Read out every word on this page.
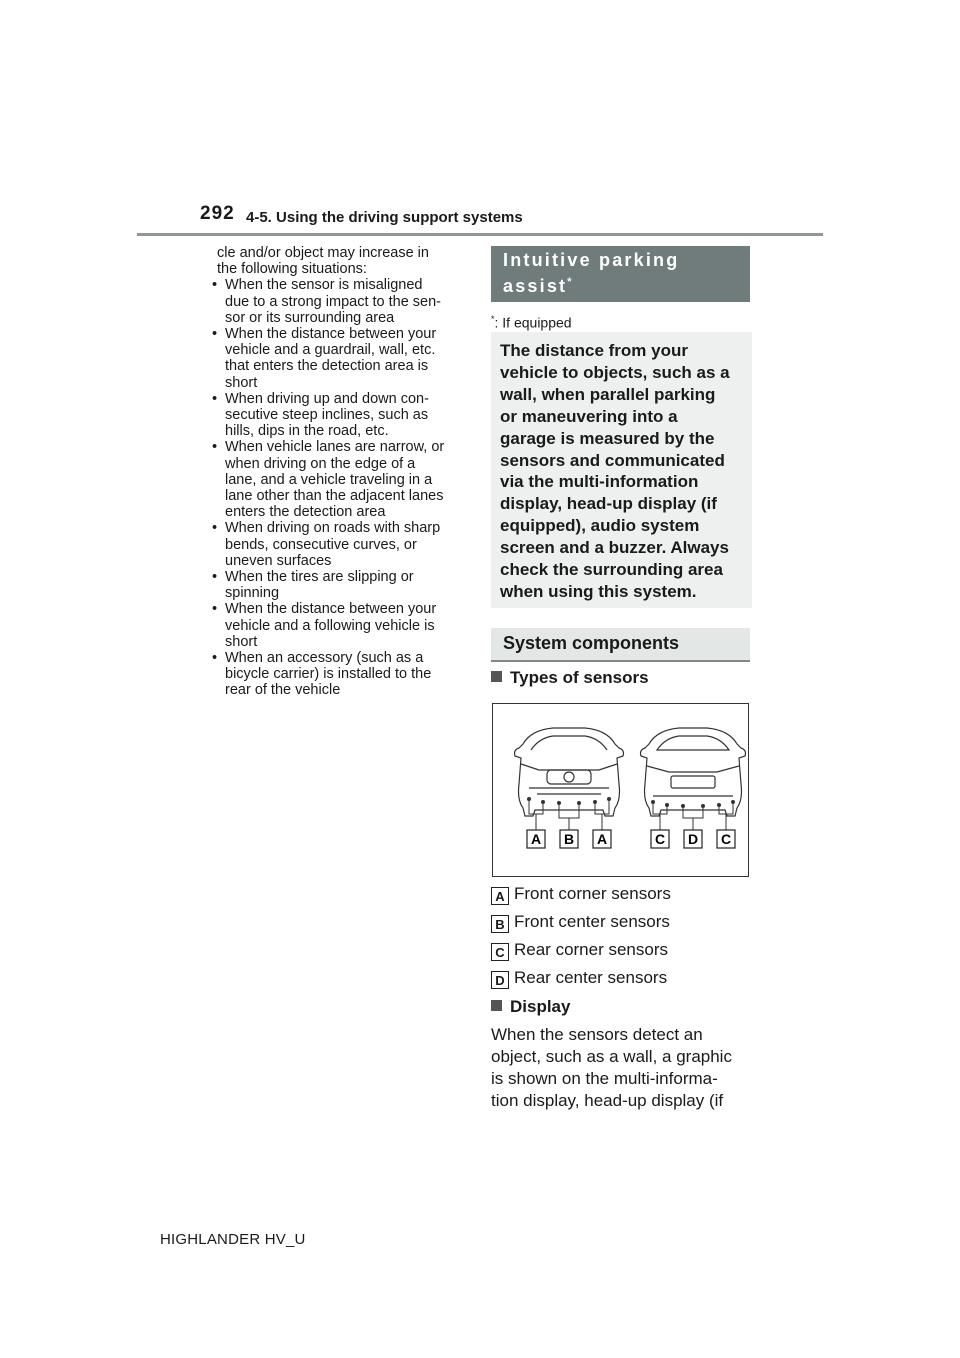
292 4-5. Using the driving support systems
cle and/or object may increase in
the following situations:
• When the sensor is misaligned
due to a strong impact to the sen-
sor or its surrounding area
• When the distance between your
vehicle and a guardrail, wall, etc.
that enters the detection area is
short
• When driving up and down con-
secutive steep inclines, such as
hills, dips in the road, etc.
• When vehicle lanes are narrow, or
when driving on the edge of a
lane, and a vehicle traveling in a
lane other than the adjacent lanes
enters the detection area
• When driving on roads with sharp
bends, consecutive curves, or
uneven surfaces
• When the tires are slipping or
spinning
• When the distance between your
vehicle and a following vehicle is
short
• When an accessory (such as a
bicycle carrier) is installed to the
rear of the vehicle
Intuitive parking
assist*
*: If equipped
The distance from your
vehicle to objects, such as a
wall, when parallel parking
or maneuvering into a
garage is measured by the
sensors and communicated
via the multi-information
display, head-up display (if
equipped), audio system
screen and a buzzer. Always
check the surrounding area
when using this system.
System components
Types of sensors
A B A	C D C
A Front corner sensors
B Front center sensors
C Rear corner sensors
D Rear center sensors
Display
When the sensors detect an
object, such as a wall, a graphic
is shown on the multi-informa-
tion display, head-up display (if
HIGHLANDER HV_U
